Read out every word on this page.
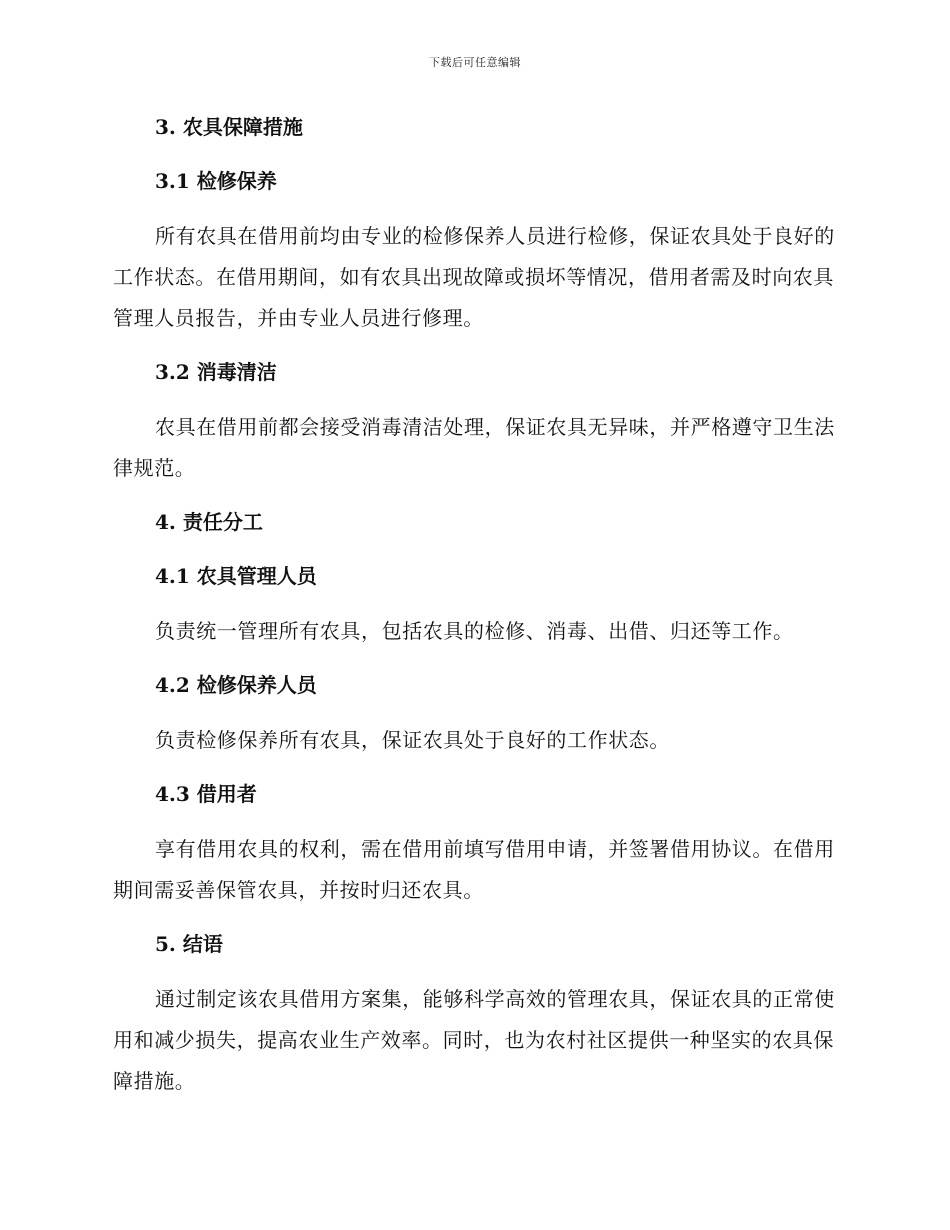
下载后可任意编辑
3. 农具保障措施
3.1 检修保养
所有农具在借用前均由专业的检修保养人员进行检修，保证农具处于良好的工作状态。在借用期间，如有农具出现故障或损坏等情况，借用者需及时向农具管理人员报告，并由专业人员进行修理。
3.2 消毒清洁
农具在借用前都会接受消毒清洁处理，保证农具无异味，并严格遵守卫生法律规范。
4. 责任分工
4.1 农具管理人员
负责统一管理所有农具，包括农具的检修、消毒、出借、归还等工作。
4.2 检修保养人员
负责检修保养所有农具，保证农具处于良好的工作状态。
4.3 借用者
享有借用农具的权利，需在借用前填写借用申请，并签署借用协议。在借用期间需妥善保管农具，并按时归还农具。
5. 结语
通过制定该农具借用方案集，能够科学高效的管理农具，保证农具的正常使用和减少损失，提高农业生产效率。同时，也为农村社区提供一种坚实的农具保障措施。
